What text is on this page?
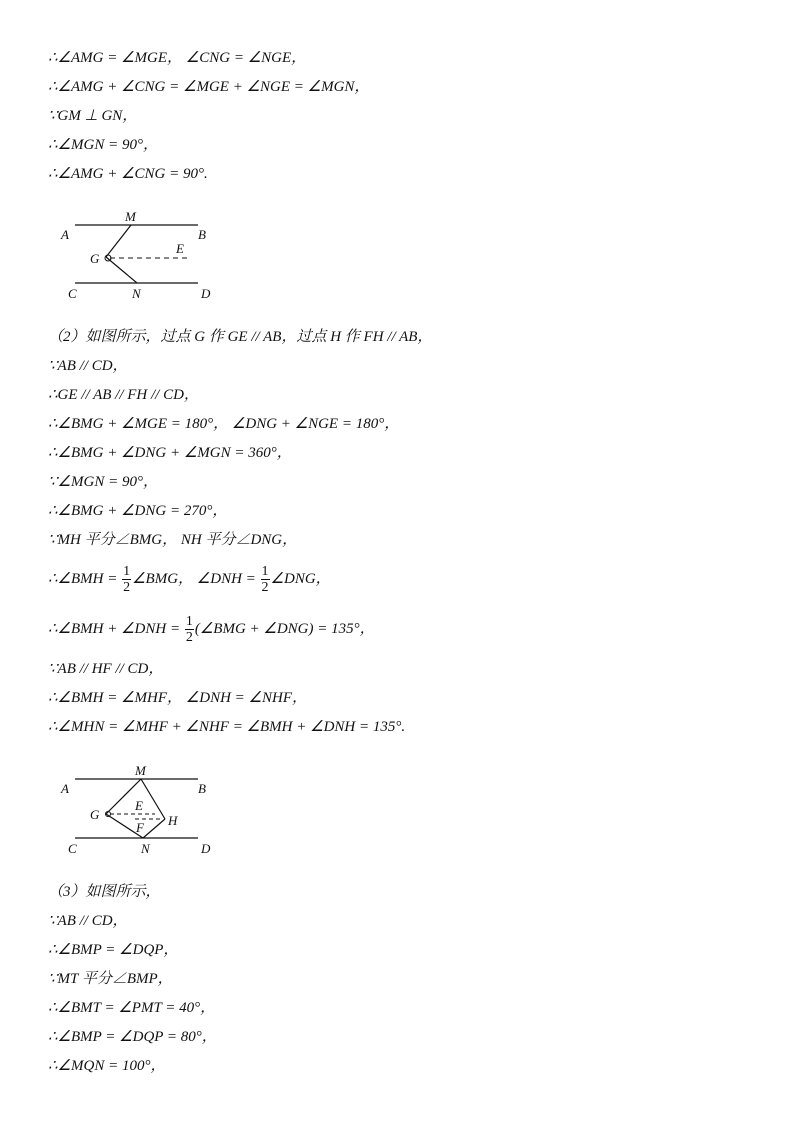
∴∠AMG = ∠MGE， ∠CNG = ∠NGE，
∴∠AMG + ∠CNG = ∠MGE + ∠NGE = ∠MGN，
∵GM ⊥ GN，
∴∠MGN = 90°，
∴∠AMG + ∠CNG = 90°.
A
M
B
G
E
C	N	D
（2）如图所示，过点 G 作 GE // AB，过点 H 作 FH // AB，
∵AB // CD，
∴GE // AB // FH // CD，
∴∠BMG + ∠MGE = 180°， ∠DNG + ∠NGE = 180°，
∴∠BMG + ∠DNG + ∠MGN = 360°，
∵∠MGN = 90°，
∴∠BMG + ∠DNG = 270°，
∵MH 平分∠BMG， NH 平分∠DNG，
∴∠BMH = $\frac{1}{2}$ ∠BMG， ∠DNH = $\frac{1}{2}$ ∠DNG，
∴∠BMH + ∠DNH = $\frac{1}{2}$ (∠BMG + ∠DNG) = 135°，
∵AB // HF // CD，
∴∠BMH = ∠MHF， ∠DNH = ∠NHF，
∴∠MHN = ∠MHF + ∠NHF = ∠BMH + ∠DNH = 135°.
A
M
B
G
E
F H
C	N	D
（3）如图所示，
∵AB // CD，
∴∠BMP = ∠DQP，
∵MT 平分∠BMP，
∴∠BMT = ∠PMT = 40°，
∴∠BMP = ∠DQP = 80°，
∴∠MQN = 100°，
